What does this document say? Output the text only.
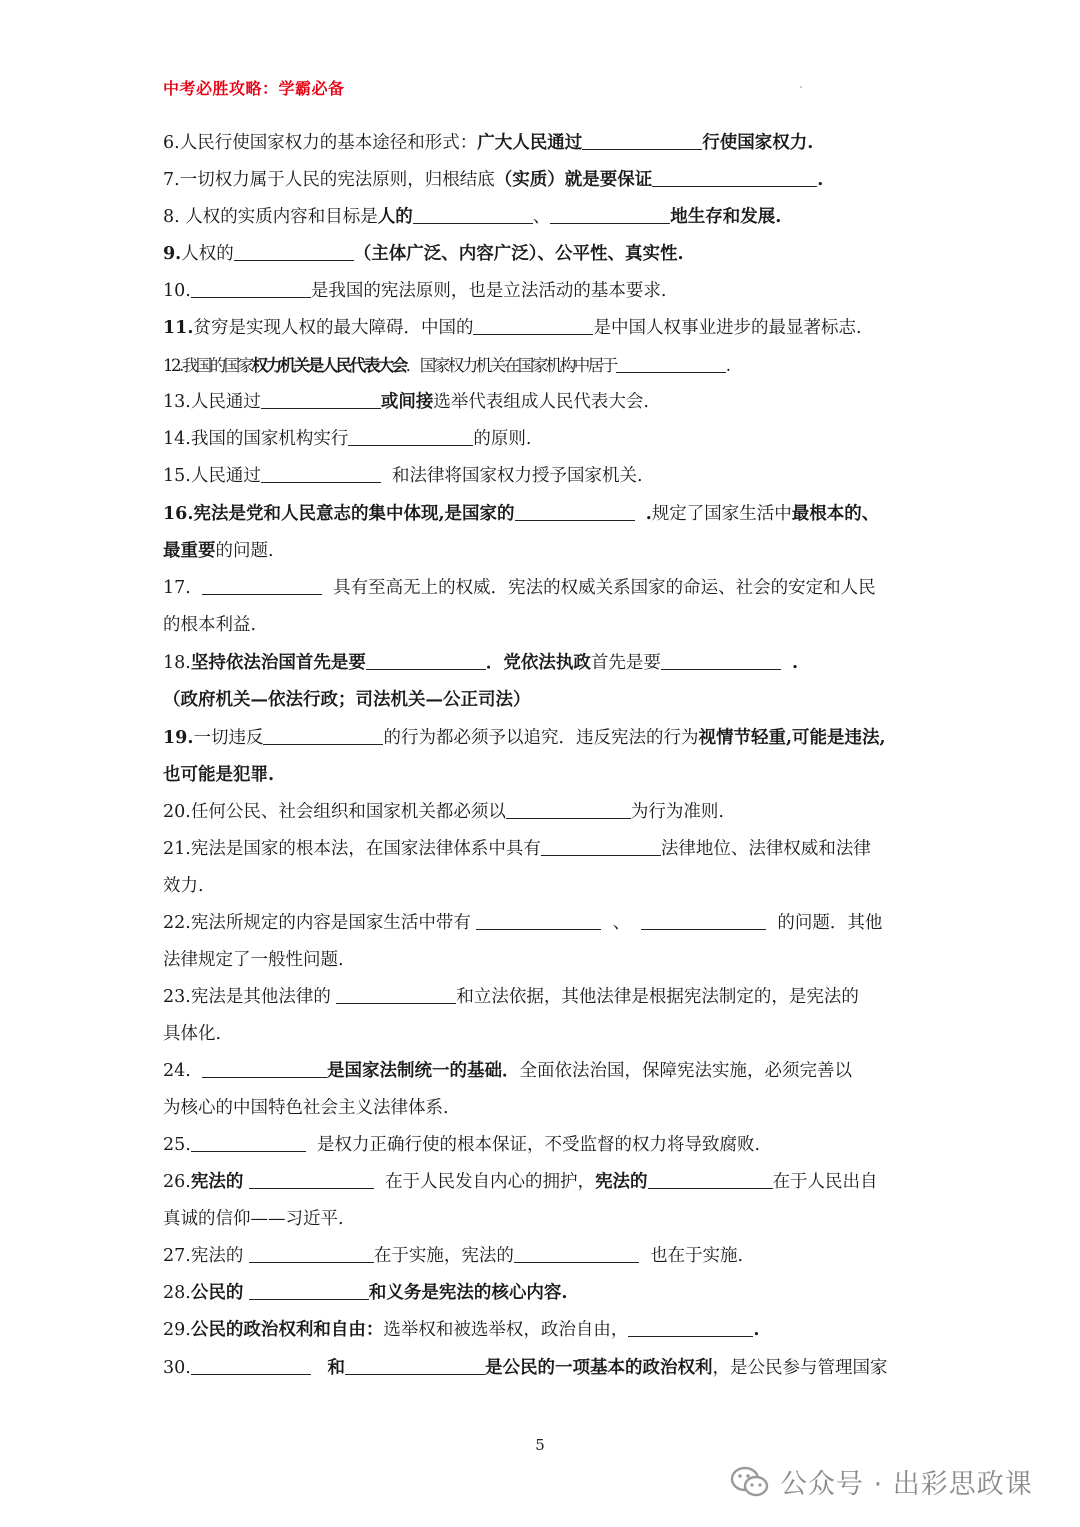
中考必胜攻略：学霸必备
6.人民行使国家权力的基本途径和形式：广大人民通过	行使国家权力.
7.一切权力属于人民的宪法原则，归根结底（实质）就是要保证	.
8. 人权的实质内容和目标是人的	、	地生存和发展.
9.人权的	（主体广泛、内容广泛）、公平性、真实性.
10.	是我国的宪法原则，也是立法活动的基本要求.
11.贫穷是实现人权的最大障碍．中国的	是中国人权事业进步的最显著标志.
12.我国的国家权力机关是人民代表大会．国家权力机关在国家机构中居于	.
13.人民通过	或间接选举代表组成人民代表大会.
14.我国的国家机构实行	的原则.
15.人民通过	和法律将国家权力授予国家机关.
16.宪法是党和人民意志的集中体现,是国家的	.规定了国家生活中最根本的、
最重要的问题.
17.	具有至高无上的权威．宪法的权威关系国家的命运、社会的安定和人民
的根本利益.
18.坚持依法治国首先是要	．党依法执政首先是要	.
（政府机关—依法行政；司法机关—公正司法）
19.一切违反	的行为都必须予以追究．违反宪法的行为视情节轻重,可能是违法,
也可能是犯罪.
20.任何公民、社会组织和国家机关都必须以	为行为准则.
21.宪法是国家的根本法，在国家法律体系中具有	法律地位、法律权威和法律
效力.
22.宪法所规定的内容是国家生活中带有	、	的问题．其他
法律规定了一般性问题.
23.宪法是其他法律的	和立法依据，其他法律是根据宪法制定的，是宪法的
具体化.
24.	是国家法制统一的基础．全面依法治国，保障宪法实施，必须完善以
为核心的中国特色社会主义法律体系.
25.	是权力正确行使的根本保证，不受监督的权力将导致腐败.
26.宪法的	在于人民发自内心的拥护，宪法的	在于人民出自
真诚的信仰——习近平.
27.宪法的	在于实施，宪法的	也在于实施.
28.公民的	和义务是宪法的核心内容.
29.公民的政治权利和自由：选举权和被选举权，政治自由，	.
30.	和	是公民的一项基本的政治权利，是公民参与管理国家
5
公众号 · 出彩思政课
